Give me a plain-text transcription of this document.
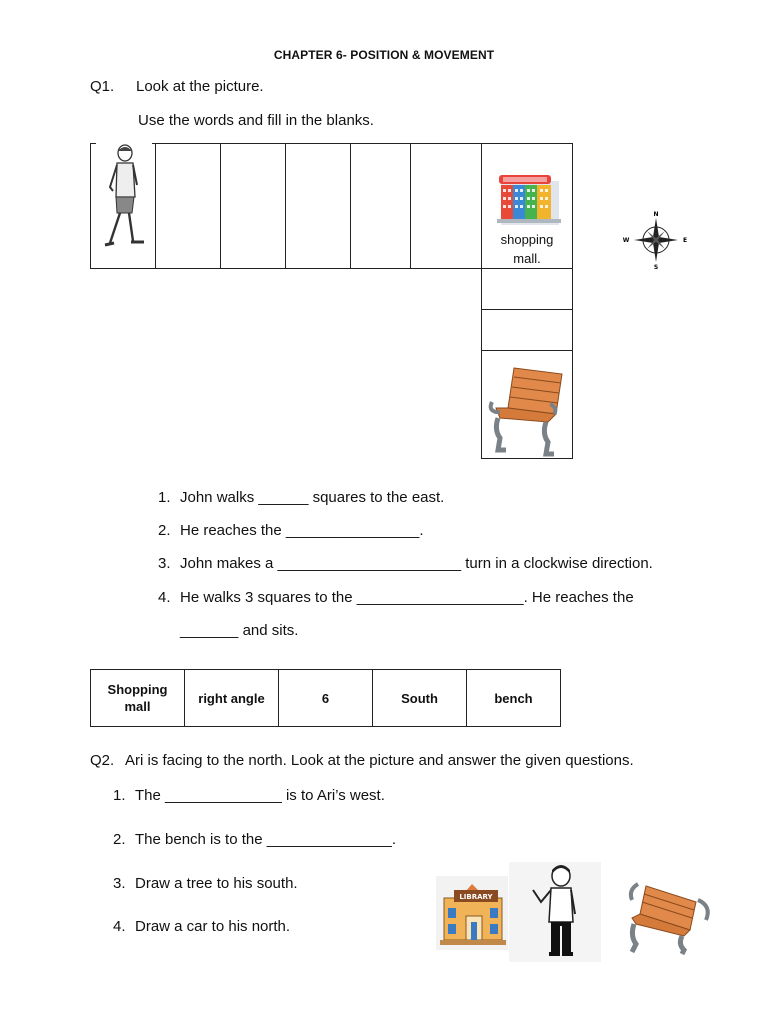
CHAPTER 6- POSITION & MOVEMENT
Q1. Look at the picture.
Use the words and fill in the blanks.
shopping
mall.
N
S
W	E
1. John walks ______ squares to the east.
2. He reaches the ________________.
3. John makes a ______________________ turn in a clockwise direction.
4. He walks 3 squares to the ____________________. He reaches the
_______ and sits.
Shopping mall	right angle	6	South	bench
Q2. Ari is facing to the north. Look at the picture and answer the given questions.
1. The ______________ is to Ari’s west.
2. The bench is to the _______________.
3. Draw a tree to his south.
4. Draw a car to his north.
LIBRARY
